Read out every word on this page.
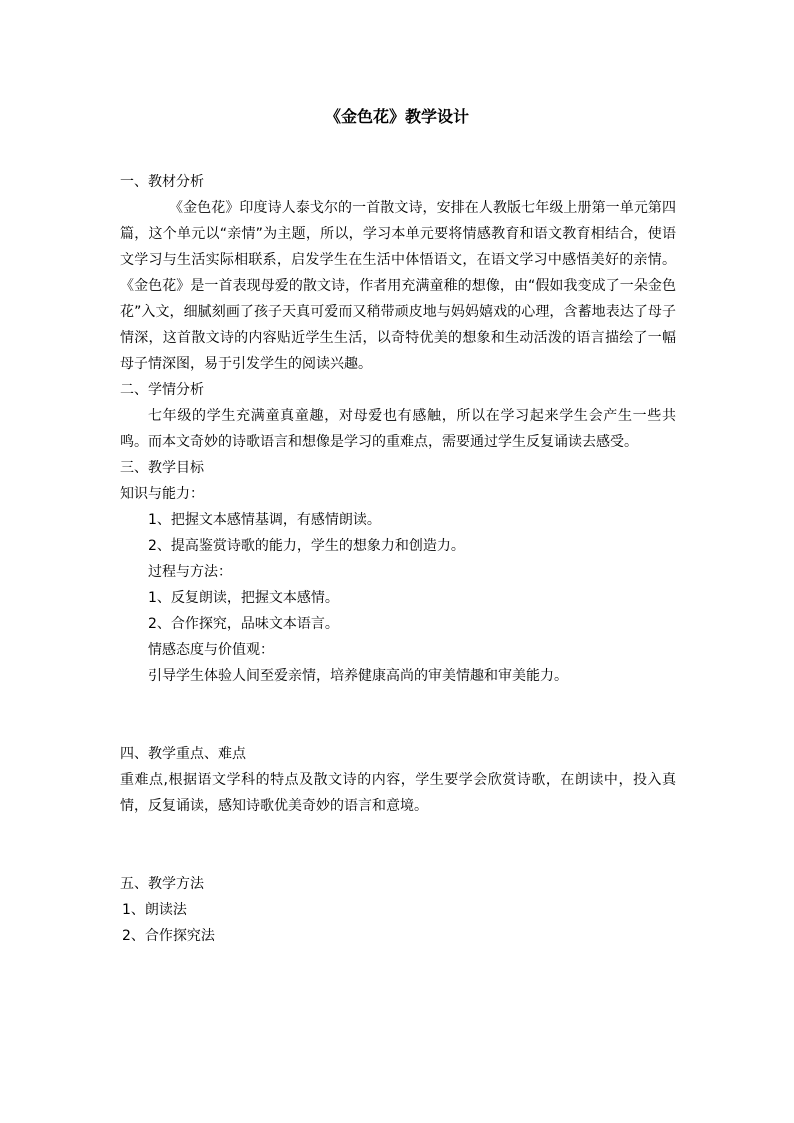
《金色花》教学设计
一、教材分析
《金色花》印度诗人泰戈尔的一首散文诗，安排在人教版七年级上册第一单元第四篇，这个单元以“亲情”为主题，所以，学习本单元要将情感教育和语文教育相结合，使语文学习与生活实际相联系，启发学生在生活中体悟语文，在语文学习中感悟美好的亲情。《金色花》是一首表现母爱的散文诗，作者用充满童稚的想像，由“假如我变成了一朵金色花”入文，细腻刻画了孩子天真可爱而又稍带顽皮地与妈妈嬉戏的心理，含蓄地表达了母子情深，这首散文诗的内容贴近学生生活，以奇特优美的想象和生动活泼的语言描绘了一幅母子情深图，易于引发学生的阅读兴趣。
二、学情分析
七年级的学生充满童真童趣，对母爱也有感触，所以在学习起来学生会产生一些共鸣。而本文奇妙的诗歌语言和想像是学习的重难点，需要通过学生反复诵读去感受。
三、教学目标
知识与能力：
1、把握文本感情基调，有感情朗读。
2、提高鉴赏诗歌的能力，学生的想象力和创造力。
过程与方法：
1、反复朗读，把握文本感情。
2、合作探究，品味文本语言。
情感态度与价值观：
引导学生体验人间至爱亲情，培养健康高尚的审美情趣和审美能力。
四、教学重点、难点
重难点,根据语文学科的特点及散文诗的内容，学生要学会欣赏诗歌，在朗读中，投入真情，反复诵读，感知诗歌优美奇妙的语言和意境。
五、教学方法
1、朗读法
2、合作探究法
